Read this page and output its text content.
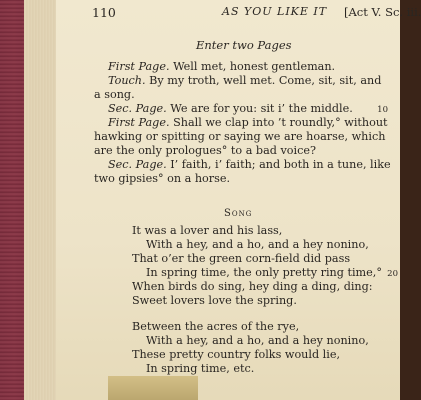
110	AS YOU LIKE IT [Act V. Sc. iii.
Enter two Pages
First Page. Well met, honest gentleman.
Touch. By my troth, well met. Come, sit, sit, and
a song.
Sec. Page. We are for you: sit i’ the middle.	10
First Page. Shall we clap into ’t roundly,° without
hawking or spitting or saying we are hoarse, which
are the only prologues° to a bad voice?
Sec. Page. I’ faith, i’ faith; and both in a tune, like
two gipsies° on a horse.
Song
It was a lover and his lass,
With a hey, and a ho, and a hey nonino,
That o’er the green corn-field did pass
In spring time, the only pretty ring time,° 20
When birds do sing, hey ding a ding, ding:
Sweet lovers love the spring.
Between the acres of the rye,
With a hey, and a ho, and a hey nonino,
These pretty country folks would lie,
In spring time, etc.
